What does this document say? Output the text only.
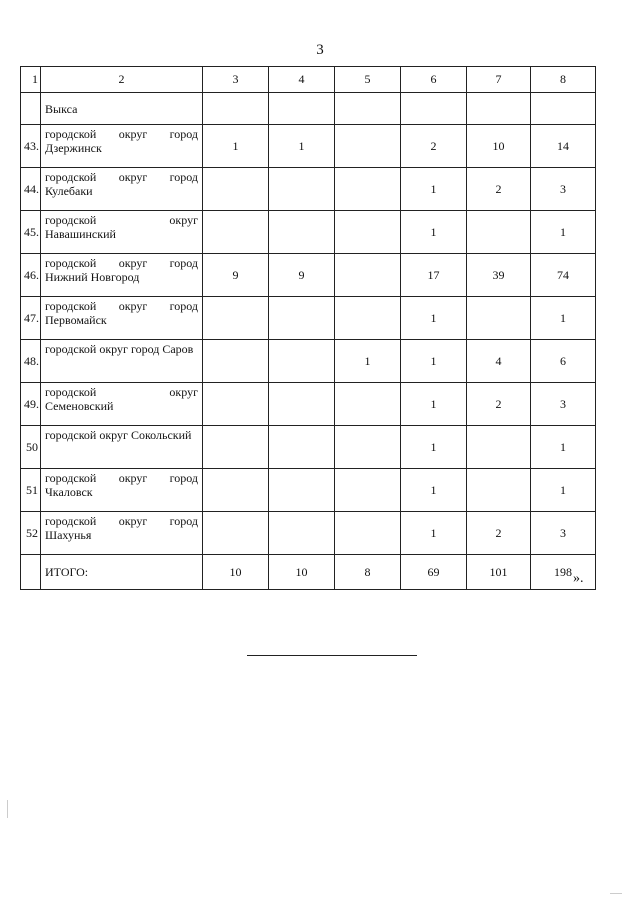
3
1	2	3	4	5	6	7	8
	Выкса						
43.	городской округ город Дзержинск	1	1		2	10	14
44.	городской округ город Кулебаки				1	2	3
45.	городской округ Навашинский				1		1
46.	городской округ город Нижний Новгород	9	9		17	39	74
47.	городской округ город Первомайск				1		1
48.	городской округ город Саров			1	1	4	6
49.	городской округ Семеновский				1	2	3
50	городской округ Сокольский				1		1
51	городской округ город Чкаловск				1		1
52	городской округ город Шахунья				1	2	3
	ИТОГО:	10	10	8	69	101	198 ».
